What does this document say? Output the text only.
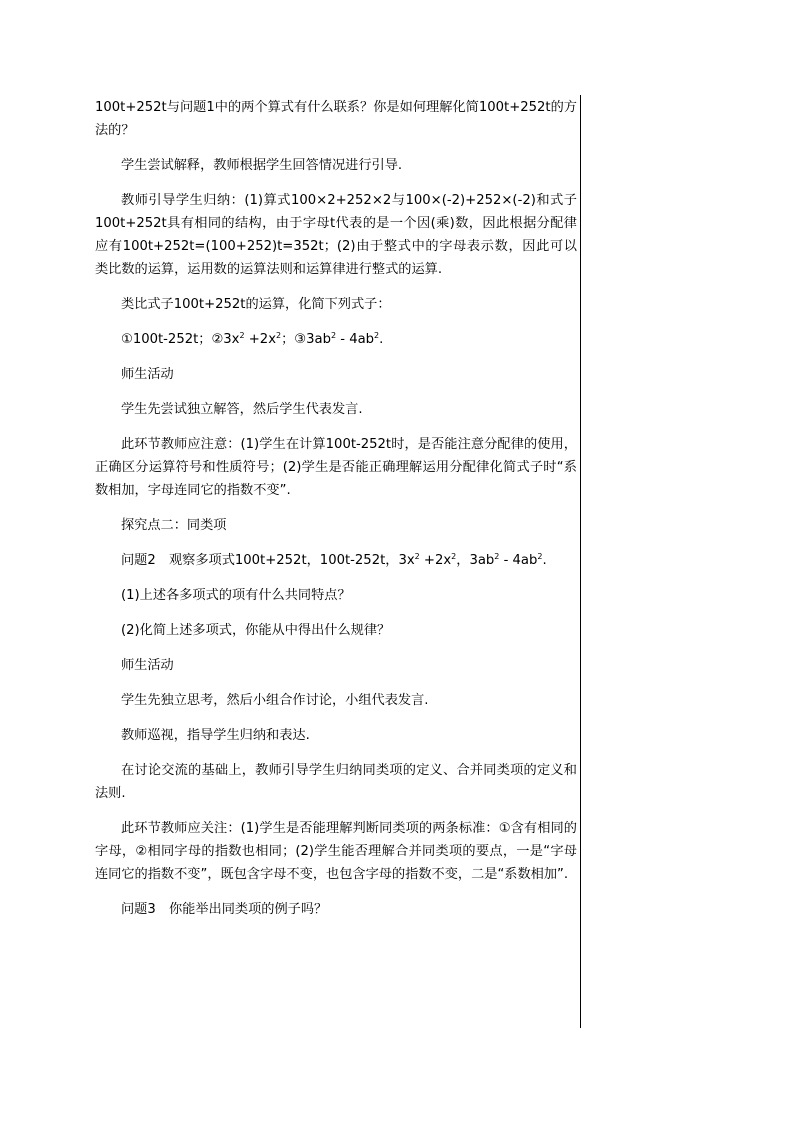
100t+252t与问题1中的两个算式有什么联系？你是如何理解化简100t+252t的方法的？

学生尝试解释，教师根据学生回答情况进行引导.

教师引导学生归纳：(1)算式100×2+252×2与100×(-2)+252×(-2)和式子100t+252t具有相同的结构，由于字母t代表的是一个因(乘)数，因此根据分配律应有100t+252t=(100+252)t=352t；(2)由于整式中的字母表示数，因此可以类比数的运算，运用数的运算法则和运算律进行整式的运算.

类比式子100t+252t的运算，化简下列式子：

①100t-252t；$②3x^2 +2x^2$；$③3ab^2 - 4ab^2$.

师生活动

学生先尝试独立解答，然后学生代表发言.

此环节教师应注意：(1)学生在计算100t-252t时，是否能注意分配律的使用，正确区分运算符号和性质符号；(2)学生是否能正确理解运用分配律化简式子时“系数相加，字母连同它的指数不变”.

探究点二：同类项

问题2　观察多项式100t+252t，100t-252t，$3x^2 +2x^2$，$3ab^2 - 4ab^2$.

(1)上述各多项式的项有什么共同特点？

(2)化简上述多项式，你能从中得出什么规律？

师生活动

学生先独立思考，然后小组合作讨论，小组代表发言.

教师巡视，指导学生归纳和表达.

在讨论交流的基础上，教师引导学生归纳同类项的定义、合并同类项的定义和法则.

此环节教师应关注：(1)学生是否能理解判断同类项的两条标准：①含有相同的字母，②相同字母的指数也相同；(2)学生能否理解合并同类项的要点，一是“字母连同它的指数不变”，既包含字母不变，也包含字母的指数不变，二是“系数相加”.

问题3　你能举出同类项的例子吗？
